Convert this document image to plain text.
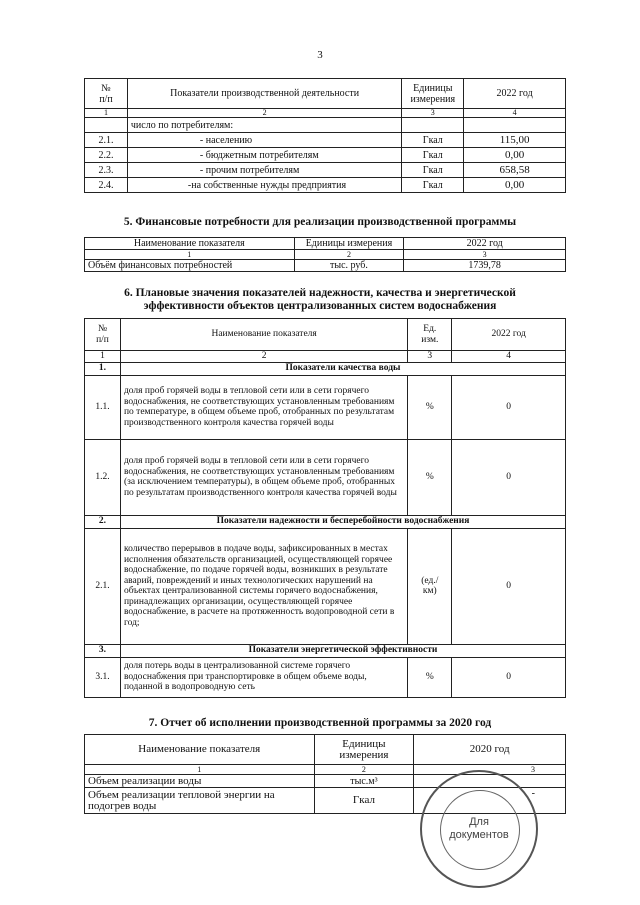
3
№
п/п	Показатели производственной деятельности	Единицы
измерения	2022 год
1	2	3	4
	число по потребителям:		
2.1.	- населению	Гкал	115,00
2.2.	- бюджетным потребителям	Гкал	0,00
2.3.	- прочим потребителям	Гкал	658,58
2.4.	-на собственные нужды предприятия	Гкал	0,00
5. Финансовые потребности для реализации производственной программы
Наименование показателя	Единицы измерения	2022 год
1	2	3
Объём финансовых потребностей	тыс. руб.	1739,78
6. Плановые значения показателей надежности, качества и энергетической
эффективности объектов централизованных систем водоснабжения
№
п/п	Наименование показателя	Ед.
изм.	2022 год
1	2	3	4
1.	Показатели качества воды		
1.1.	доля проб горячей воды в тепловой сети или в сети горячего водоснабжения, не соответствующих установленным требованиям по температуре, в общем объеме проб, отобранных по результатам производственного контроля качества горячей воды	%	0
1.2.	доля проб горячей воды в тепловой сети или в сети горячего водоснабжения, не соответствующих установленным требованиям (за исключением температуры), в общем объеме проб, отобранных по результатам производственного контроля качества горячей воды	%	0
2.	Показатели надежности и бесперебойности водоснабжения		
2.1.	количество перерывов в подаче воды, зафиксированных в местах исполнения обязательств организацией, осуществляющей горячее водоснабжение, по подаче горячей воды, возникших в результате аварий, повреждений и иных технологических нарушений на объектах централизованной системы горячего водоснабжения, принадлежащих организации, осуществляющей горячее водоснабжение, в расчете на протяженность водопроводной сети в год;	(ед./
км)	0
3.	Показатели энергетической эффективности		
3.1.	доля потерь воды в централизованной системе горячего водоснабжения при транспортировке в общем объеме воды, поданной в водопроводную сеть	%	0
7. Отчет об исполнении производственной программы за 2020 год
Наименование показателя	Единицы
измерения	2020 год
1	2	3
Объем реализации воды	тыс.м³	
Объем реализации тепловой энергии на подогрев воды	Гкал	-
Для
документов
